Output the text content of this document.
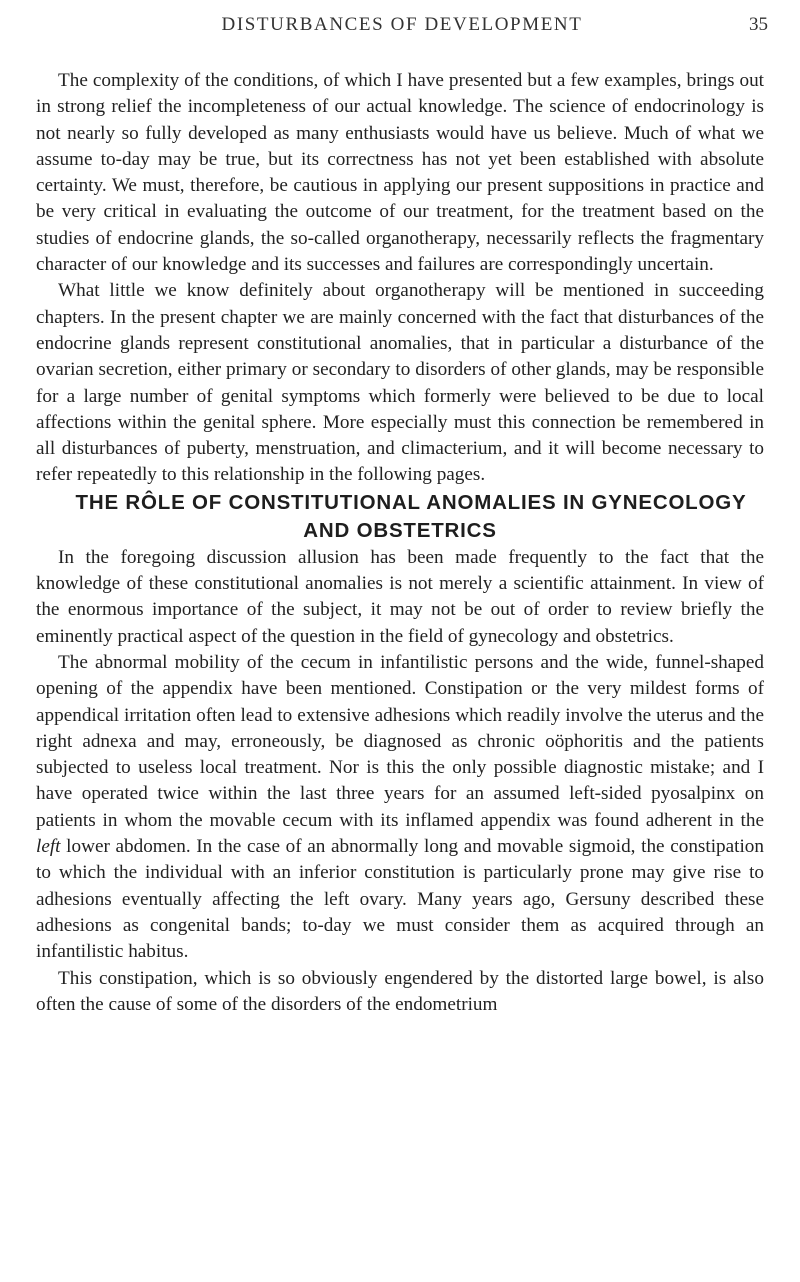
DISTURBANCES OF DEVELOPMENT	35

The complexity of the conditions, of which I have presented but a few examples, brings out in strong relief the incompleteness of our actual knowledge. The science of endocrinology is not nearly so fully developed as many enthusiasts would have us believe. Much of what we assume to-day may be true, but its correctness has not yet been established with absolute certainty. We must, therefore, be cautious in applying our present suppositions in practice and be very critical in evaluating the outcome of our treatment, for the treatment based on the studies of endocrine glands, the so-called organotherapy, necessarily reflects the fragmentary character of our knowledge and its successes and failures are correspondingly uncertain.

What little we know definitely about organotherapy will be mentioned in succeeding chapters. In the present chapter we are mainly concerned with the fact that disturbances of the endocrine glands represent constitutional anomalies, that in particular a disturbance of the ovarian secretion, either primary or secondary to disorders of other glands, may be responsible for a large number of genital symptoms which formerly were believed to be due to local affections within the genital sphere. More especially must this connection be remembered in all disturbances of puberty, menstruation, and climacterium, and it will become necessary to refer repeatedly to this relationship in the following pages.

THE RÔLE OF CONSTITUTIONAL ANOMALIES IN GYNECOLOGY AND OBSTETRICS

In the foregoing discussion allusion has been made frequently to the fact that the knowledge of these constitutional anomalies is not merely a scientific attainment. In view of the enormous importance of the subject, it may not be out of order to review briefly the eminently practical aspect of the question in the field of gynecology and obstetrics.

The abnormal mobility of the cecum in infantilistic persons and the wide, funnel-shaped opening of the appendix have been mentioned. Constipation or the very mildest forms of appendical irritation often lead to extensive adhesions which readily involve the uterus and the right adnexa and may, erroneously, be diagnosed as chronic oöphoritis and the patients subjected to useless local treatment. Nor is this the only possible diagnostic mistake; and I have operated twice within the last three years for an assumed left-sided pyosalpinx on patients in whom the movable cecum with its inflamed appendix was found adherent in the left lower abdomen. In the case of an abnormally long and movable sigmoid, the constipation to which the individual with an inferior constitution is particularly prone may give rise to adhesions eventually affecting the left ovary. Many years ago, Gersuny described these adhesions as congenital bands; to-day we must consider them as acquired through an infantilistic habitus.

This constipation, which is so obviously engendered by the distorted large bowel, is also often the cause of some of the disorders of the endometrium
